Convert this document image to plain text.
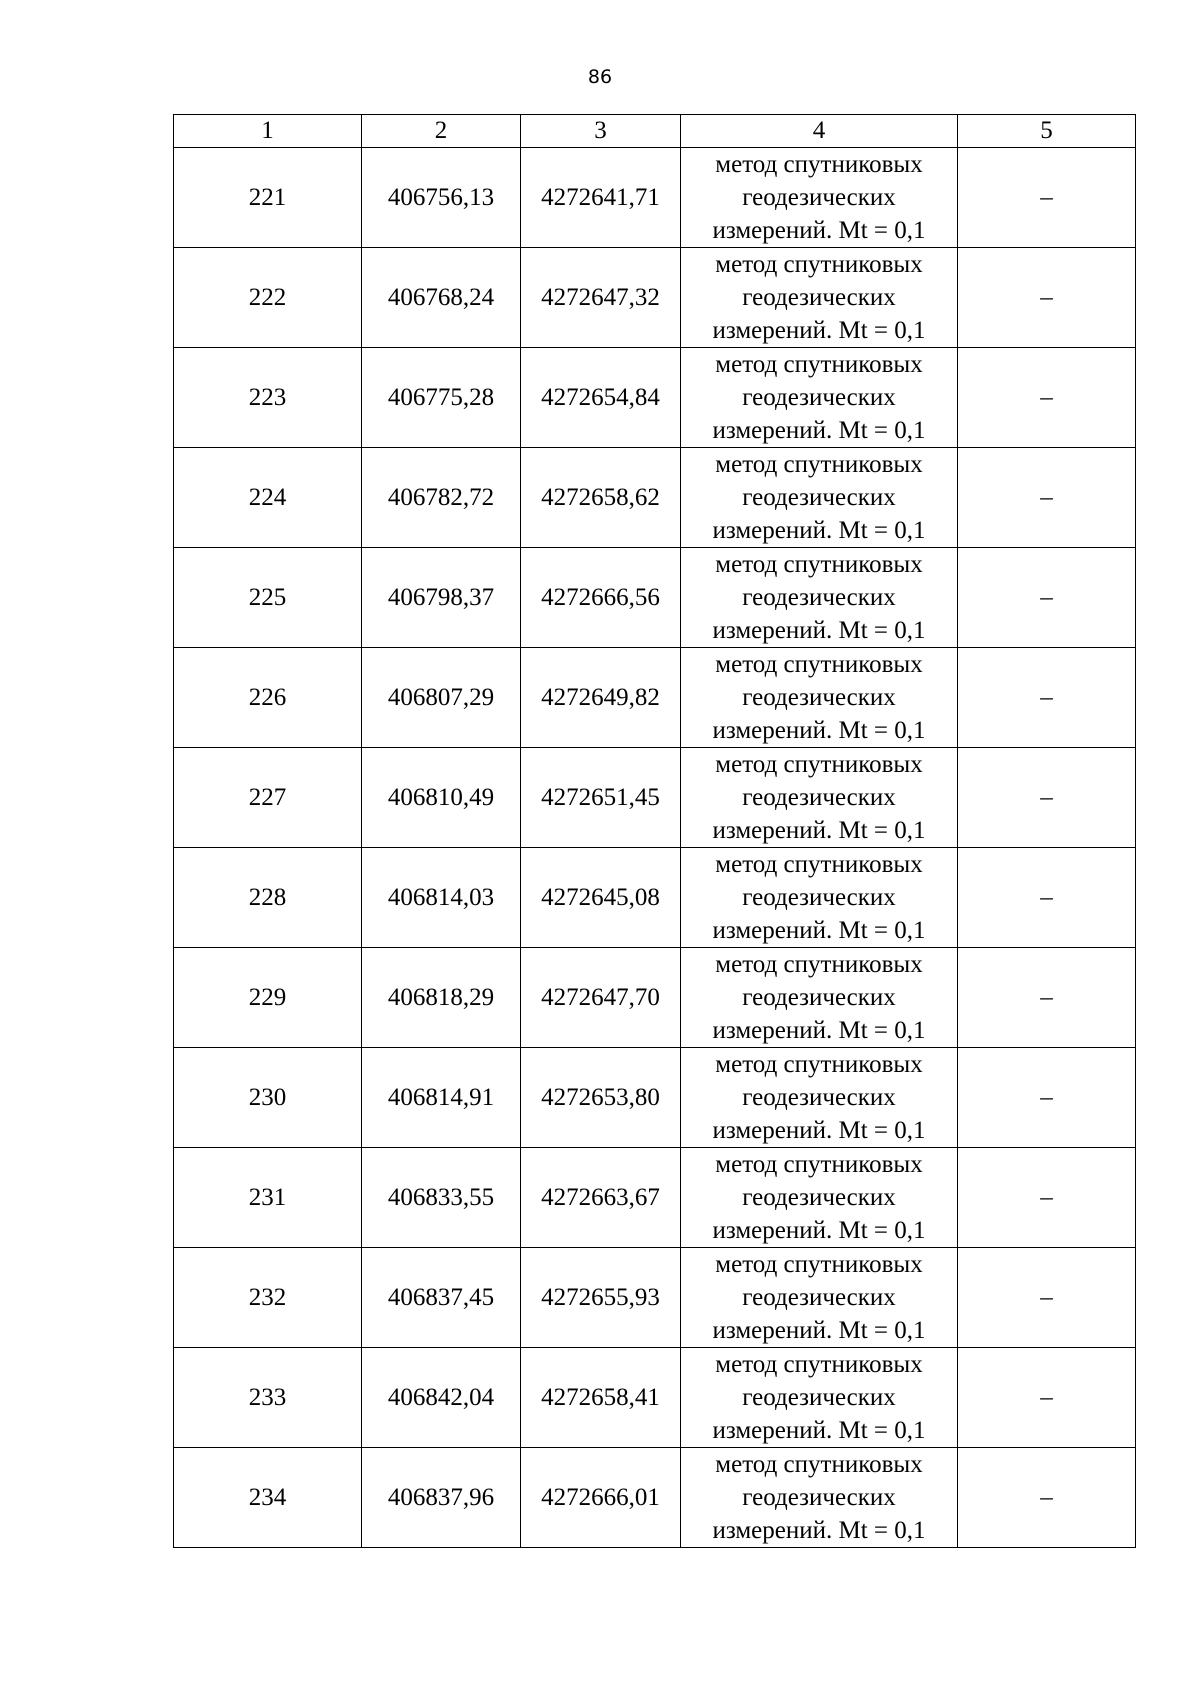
86
1	2	3	4	5
221	406756,13	4272641,71	метод спутниковых
геодезических
измерений. Mt = 0,1	–
222	406768,24	4272647,32	метод спутниковых
геодезических
измерений. Mt = 0,1	–
223	406775,28	4272654,84	метод спутниковых
геодезических
измерений. Mt = 0,1	–
224	406782,72	4272658,62	метод спутниковых
геодезических
измерений. Mt = 0,1	–
225	406798,37	4272666,56	метод спутниковых
геодезических
измерений. Mt = 0,1	–
226	406807,29	4272649,82	метод спутниковых
геодезических
измерений. Mt = 0,1	–
227	406810,49	4272651,45	метод спутниковых
геодезических
измерений. Mt = 0,1	–
228	406814,03	4272645,08	метод спутниковых
геодезических
измерений. Mt = 0,1	–
229	406818,29	4272647,70	метод спутниковых
геодезических
измерений. Mt = 0,1	–
230	406814,91	4272653,80	метод спутниковых
геодезических
измерений. Mt = 0,1	–
231	406833,55	4272663,67	метод спутниковых
геодезических
измерений. Mt = 0,1	–
232	406837,45	4272655,93	метод спутниковых
геодезических
измерений. Mt = 0,1	–
233	406842,04	4272658,41	метод спутниковых
геодезических
измерений. Mt = 0,1	–
234	406837,96	4272666,01	метод спутниковых
геодезических
измерений. Mt = 0,1	–
